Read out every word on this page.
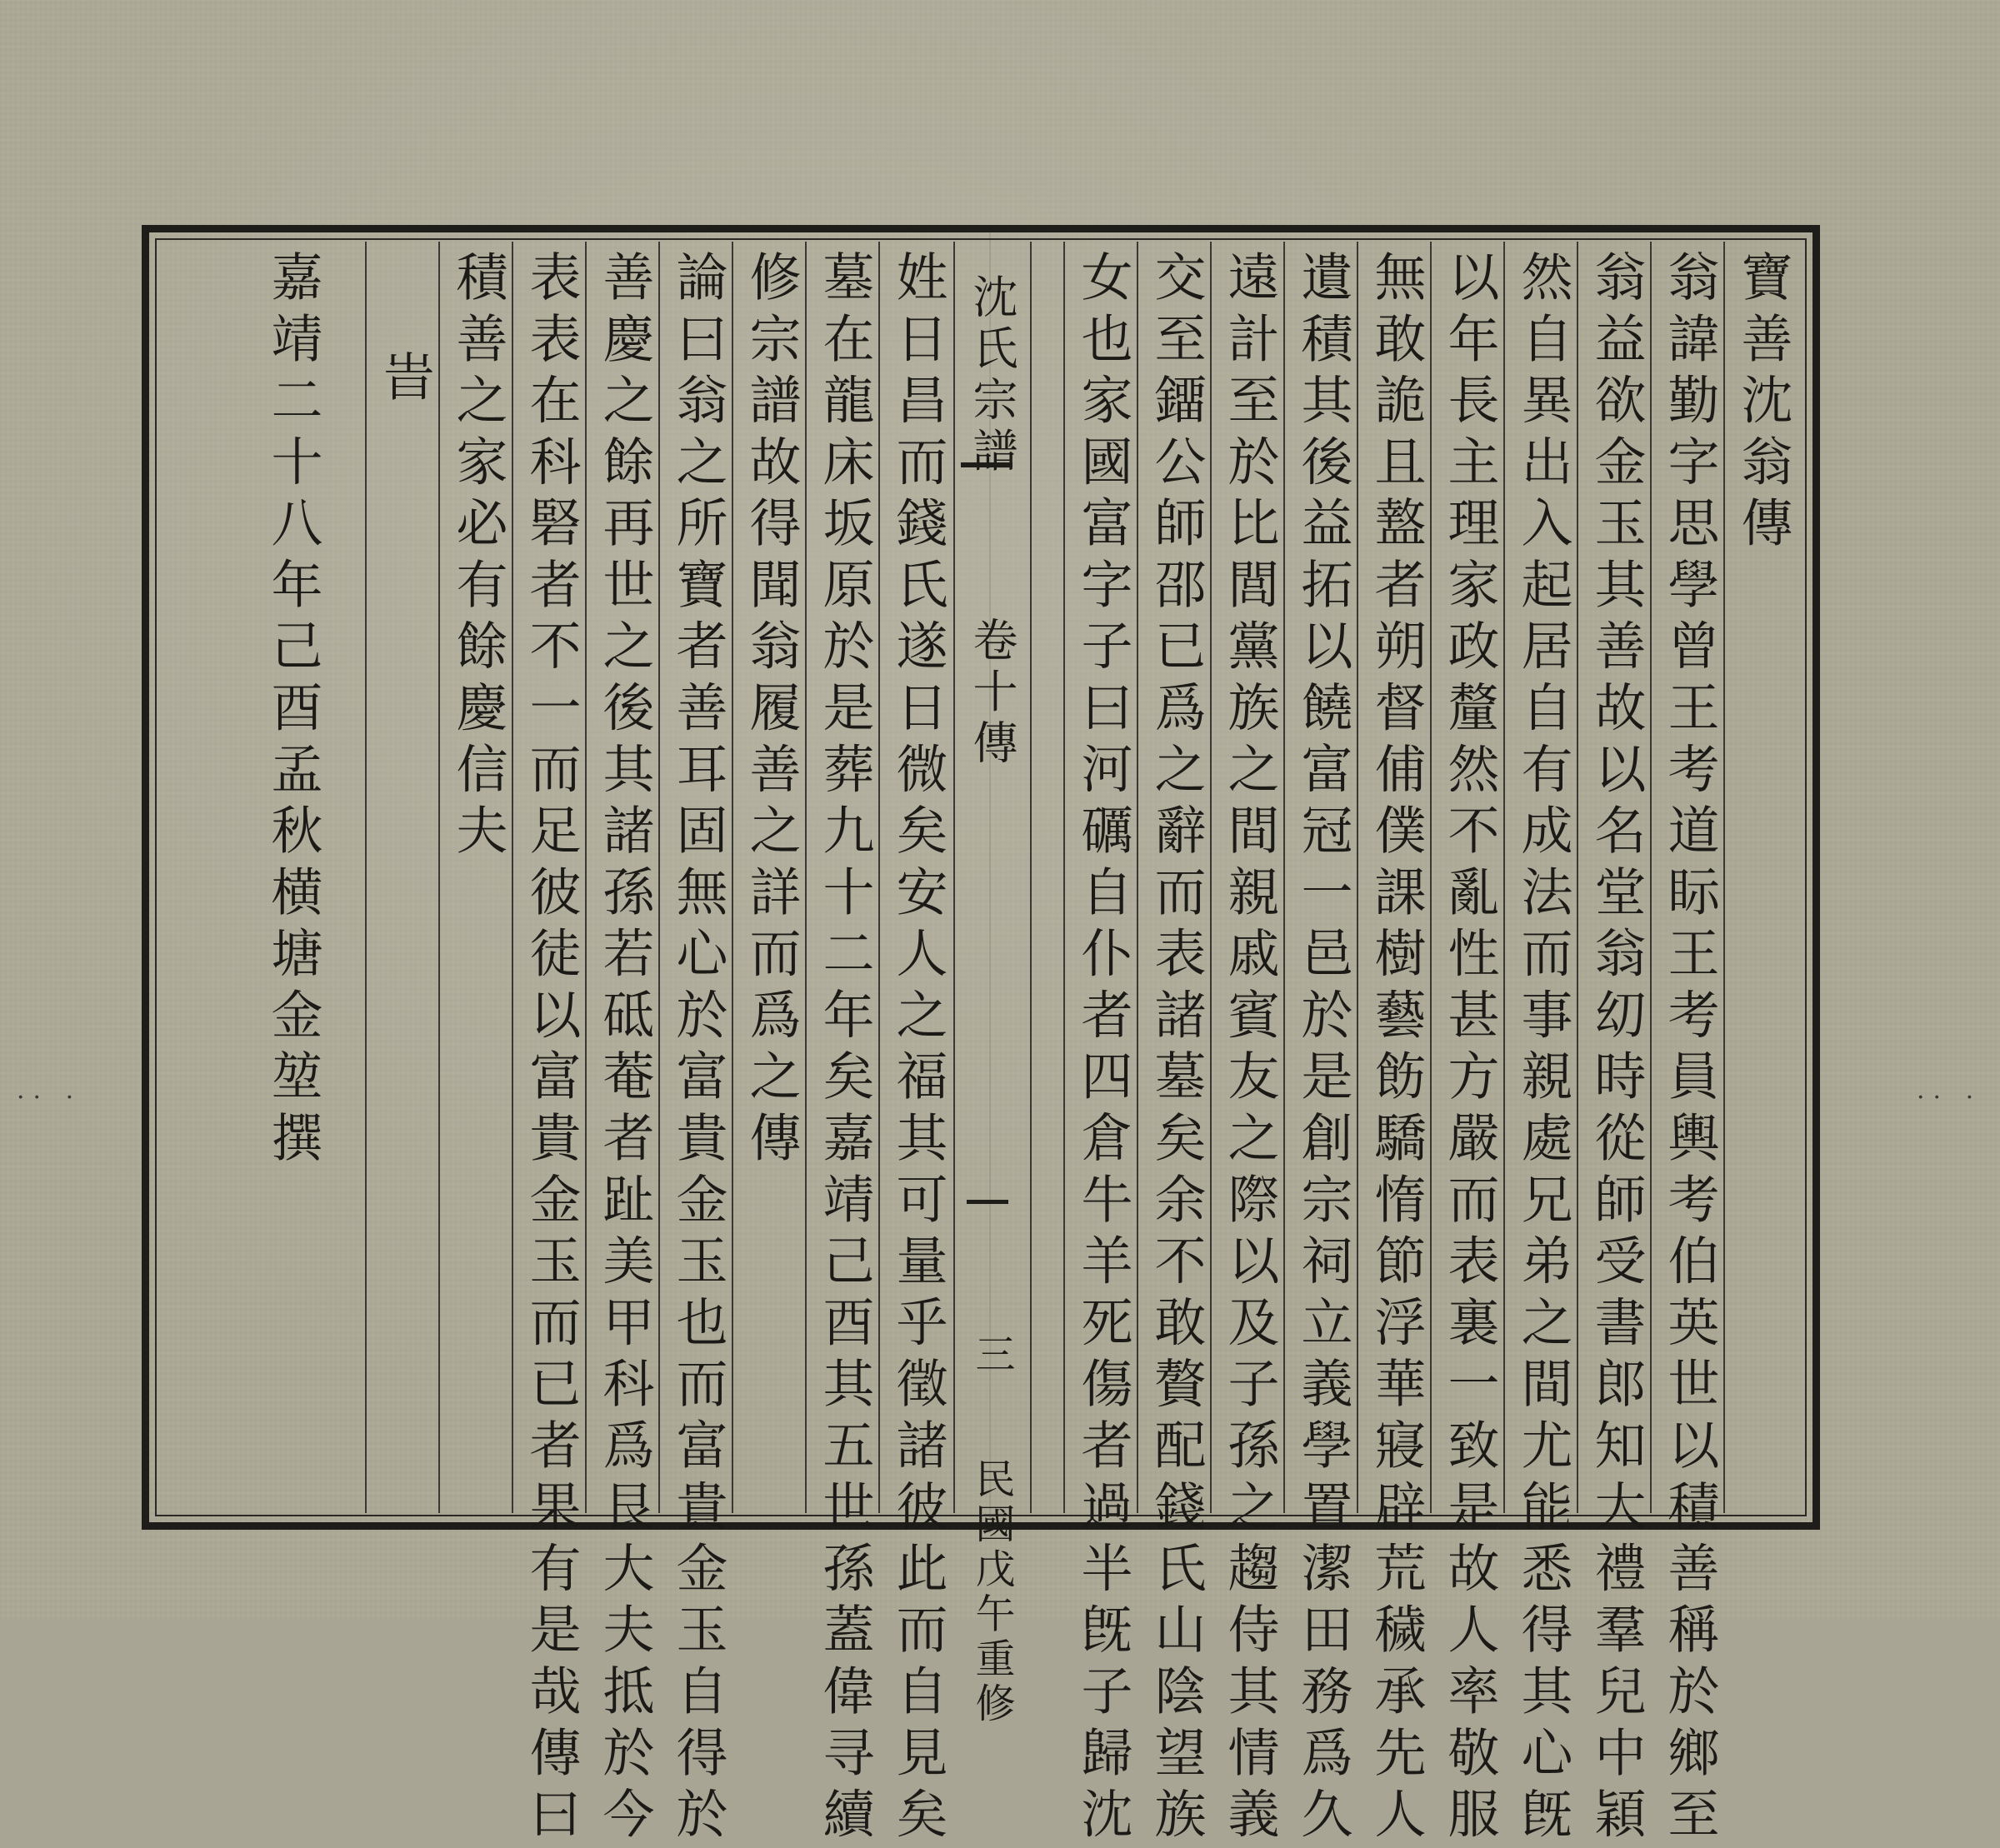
寶善沈翁傳
翁諱勤字思學曾王考道眎王考員輿考伯英世以積善稱於鄉至
翁益欲金玉其善故以名堂翁㓜時從師受書郎知大禮羣兒中穎
然自異出入起居自有成法而事親處兄弟之間尤能悉得其心旣
以年長主理家政釐然不亂性甚方嚴而表裏一致是故人率敬服
無敢詭且盩者朔督俌僕課樹藝飭驕惰節浮華寢辟荒穢承先人
遺積其後益拓以饒富冠一邑於是創宗祠立義學置潔田務爲久
遠計至於比閭黨族之間親戚賓友之際以及子孫之趨侍其情義
交至鐂公師邵已爲之辭而表諸墓矣余不敢贅配錢氏山陰望族
女也家國富字子曰河礪自仆者四倉牛羊死傷者過半旣子歸沈
沈氏宗譜
卷十傳
三
民國戊午重修
姓日昌而錢氏遂日微矣安人之福其可量乎徵諸彼此而自見矣
墓在龍床坂原於是葬九十二年矣嘉靖己酉其五世孫蓋偉寻續
修宗譜故得聞翁履善之詳而爲之傳
論曰翁之所寶者善耳固無心於富貴金玉也而富貴金玉自得於
善慶之餘再世之後其諸孫若砥菴者趾美甲科爲艮大夫抵於今
表表在科硻者不一而足彼徒以富貴金玉而已者果有是哉傳曰
積善之家必有餘慶信夫
旹
嘉靖二十八年己酉孟秋横塘金堃撰
·· ·	·· ·
